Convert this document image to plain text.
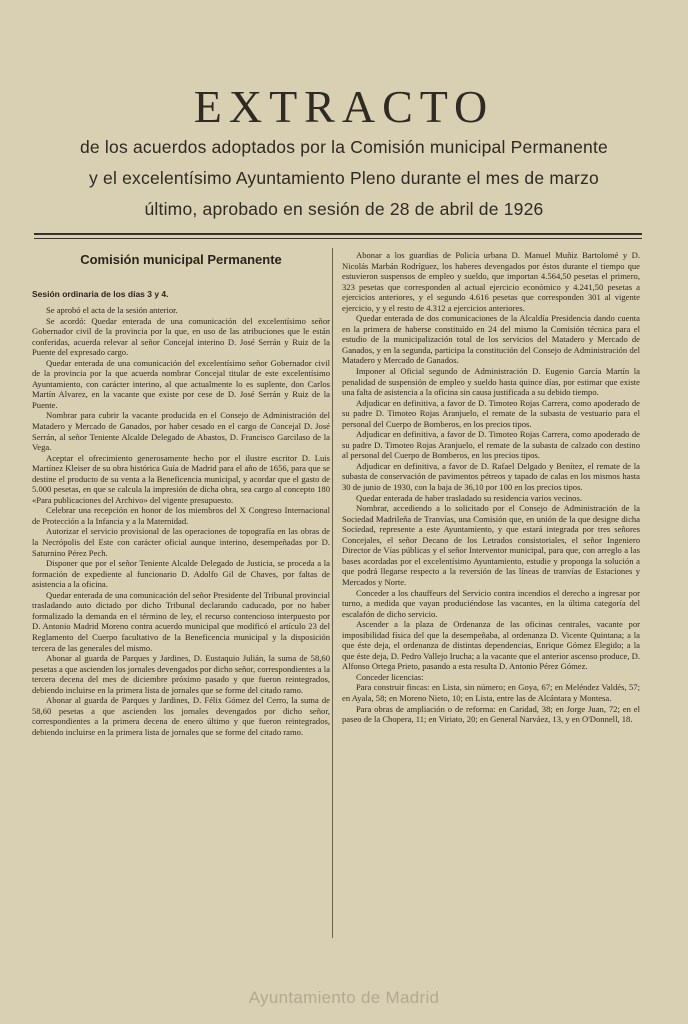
EXTRACTO
de los acuerdos adoptados por la Comisión municipal Permanente
y el excelentísimo Ayuntamiento Pleno durante el mes de marzo
último, aprobado en sesión de 28 de abril de 1926
Comisión municipal Permanente
Sesión ordinaria de los días 3 y 4.

Se aprobó el acta de la sesión anterior.

Se acordó: Quedar enterada de una comunicación del excelentísimo señor Gobernador civil de la provincia por la que, en uso de las atribuciones que le están conferidas, acuerda relevar al señor Concejal interino D. José Serrán y Ruiz de la Puente del expresado cargo.

Quedar enterada de una comunicación del excelentísimo señor Gobernador civil de la provincia por la que acuerda nombrar Concejal titular de este excelentísimo Ayuntamiento, con carácter interino, al que actualmente lo es suplente, don Carlos Martín Alvarez, en la vacante que existe por cese de D. José Serrán y Ruiz de la Puente.

Nombrar para cubrir la vacante producida en el Consejo de Administración del Matadero y Mercado de Ganados, por haber cesado en el cargo de Concejal D. José Serrán, al señor Teniente Alcalde Delegado de Abastos, D. Francisco Garcilaso de la Vega.

Aceptar el ofrecimiento generosamente hecho por el ilustre escritor D. Luis Martínez Kleiser de su obra histórica Guía de Madrid para el año de 1656, para que se destine el producto de su venta a la Beneficencia municipal, y acordar que el gasto de 5.000 pesetas, en que se calcula la impresión de dicha obra, sea cargo al concepto 180 «Para publicaciones del Archivo» del vigente presupuesto.

Celebrar una recepción en honor de los miembros del X Congreso Internacional de Protección a la Infancia y a la Maternidad.

Autorizar el servicio provisional de las operaciones de topografía en las obras de la Necrópolis del Este con carácter oficial aunque interino, desempeñadas por D. Saturnino Pérez Pech.

Disponer que por el señor Teniente Alcalde Delegado de Justicia, se proceda a la formación de expediente al funcionario D. Adolfo Gil de Chaves, por faltas de asistencia a la oficina.

Quedar enterada de una comunicación del señor Presidente del Tribunal provincial trasladando auto dictado por dicho Tribunal declarando caducado, por no haber formalizado la demanda en el término de ley, el recurso contencioso interpuesto por D. Antonio Madrid Moreno contra acuerdo municipal que modificó el artículo 23 del Reglamento del Cuerpo facultativo de la Beneficencia municipal y la disposición tercera de las generales del mismo.

Abonar al guarda de Parques y Jardines, D. Eustaquio Julián, la suma de 58,60 pesetas a que ascienden los jornales devengados por dicho señor, correspondientes a la tercera decena del mes de diciembre próximo pasado y que fueron reintegrados, debiendo incluirse en la primera lista de jornales que se forme del citado ramo.

Abonar al guarda de Parques y Jardines, D. Félix Gómez del Cerro, la suma de 58,60 pesetas a que ascienden los jornales devengados por dicho señor, correspondientes a la primera decena de enero último y que fueron reintegrados, debiendo incluirse en la primera lista de jornales que se forme del citado ramo.

Abonar a los guardias de Policía urbana D. Manuel Muñiz Bartolomé y D. Nicolás Marbán Rodríguez, los haberes devengados por éstos durante el tiempo que estuvieron suspensos de empleo y sueldo, que importan 4.564,50 pesetas el primero, 323 pesetas que corresponden al actual ejercicio económico y 4.241,50 pesetas a ejercicios anteriores, y el segundo 4.616 pesetas que corresponden 301 al vigente ejercicio, y y el resto de 4.312 a ejercicios anteriores.

Quedar enterada de dos comunicaciones de la Alcaldía Presidencia dando cuenta en la primera de haberse constituído en 24 del mismo la Comisión técnica para el estudio de la municipalización total de los servicios del Matadero y Mercado de Ganados, y en la segunda, participa la constitución del Consejo de Administración del Matadero y Mercado de Ganados.

Imponer al Oficial segundo de Administración D. Eugenio García Martín la penalidad de suspensión de empleo y sueldo hasta quince días, por estimar que existe una falta de asistencia a la oficina sin causa justificada a su debido tiempo.

Adjudicar en definitiva, a favor de D. Timoteo Rojas Carrera, como apoderado de su padre D. Timoteo Rojas Aranjuelo, el remate de la subasta de vestuario para el personal del Cuerpo de Bomberos, en los precios tipos.

Adjudicar en definitiva, a favor de D. Timoteo Rojas Carrera, como apoderado de su padre D. Timoteo Rojas Aranjuelo, el remate de la subasta de calzado con destino al personal del Cuerpo de Bomberos, en los precios tipos.

Adjudicar en definitiva, a favor de D. Rafael Delgado y Benítez, el remate de la subasta de conservación de pavimentos pétreos y tapado de calas en los mismos hasta 30 de junio de 1930, con la baja de 36,10 por 100 en los precios tipos.

Quedar enterada de haber trasladado su residencia varios vecinos.

Nombrar, accediendo a lo solicitado por el Consejo de Administración de la Sociedad Madrileña de Tranvías, una Comisión que, en unión de la que designe dicha Sociedad, represente a este Ayuntamiento, y que estará integrada por tres señores Concejales, el señor Decano de los Letrados consistoriales, el señor Ingeniero Director de Vías públicas y el señor Interventor municipal, para que, con arreglo a las bases acordadas por el excelentísimo Ayuntamiento, estudie y proponga la solución a que podrá llegarse respecto a la reversión de las líneas de tranvías de Estaciones y Mercados y Norte.

Conceder a los chauffeurs del Servicio contra incendios el derecho a ingresar por turno, a medida que vayan produciéndose las vacantes, en la última categoría del escalafón de dicho servicio.

Ascender a la plaza de Ordenanza de las oficinas centrales, vacante por imposibilidad física del que la desempeñaba, al ordenanza D. Vicente Quintana; a la que éste deja, el ordenanza de distintas dependencias, Enrique Gómez Elegido; a la que éste deja, D. Pedro Vallejo Irucha; a la vacante que el anterior ascenso produce, D. Alfonso Ortega Prieto, pasando a esta resulta D. Antonio Pérez Gómez.

Conceder licencias:

Para construir fincas: en Lista, sin número; en Goya, 67; en Meléndez Valdés, 57; en Ayala, 58; en Moreno Nieto, 10; en Lista, entre las de Alcántara y Montesa.

Para obras de ampliación o de reforma: en Caridad, 38; en Jorge Juan, 72; en el paseo de la Chopera, 11; en Viriato, 20; en General Narváez, 13, y en O'Donnell, 18.

Ayuntamiento de Madrid
